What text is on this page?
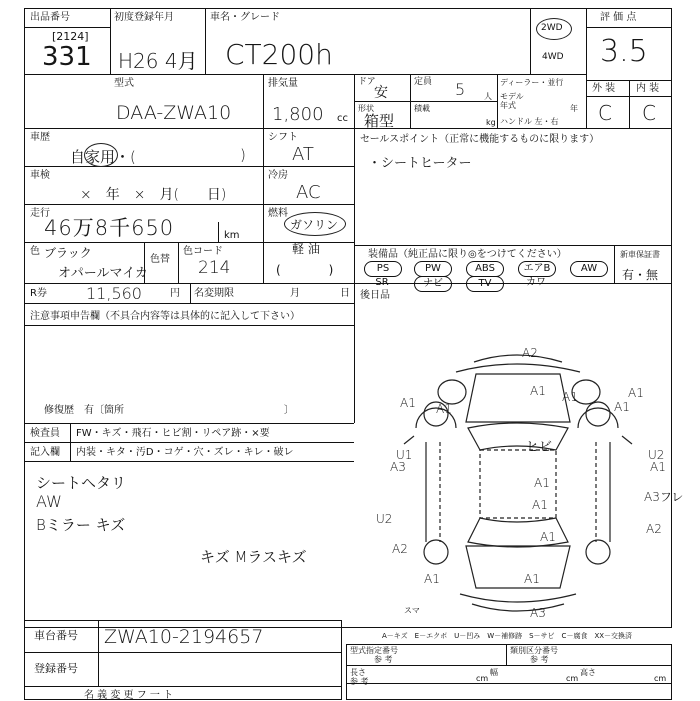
出品番号
[2124]
331
初度登録年月
H26 4月
車名・グレード
CT200h
2WD
4WD
評 価 点
3.5
外 装 内 装
C C
型式
DAA-ZWA10
排気量
1,800 cc
ドア
安
定員 5 人
ディーラー・並行
モデル年式	年
形状
箱型
積載
kg ハンドル 左・右
車歴
自家用・(	)
シフト
AT
車検
×　年　×　月(　　日)
冷房
AC
走行
46万8千650	km
燃料
ガソリン
軽 油
(　　　　)
色 ブラック
オパールマイカ
色替
色コード
214
セールスポイント（正常に機能するものに限ります）
・シートヒーター
装備品（純正品に限り◎をつけてください）	新車保証書
有・無
PS	PW	ABS	エアB	AW
SR	ナビ	TV	カワ
R券 11,560	円 名変期限	月	日 後日品
注意事項申告欄（不具合内容等は具体的に記入して下さい）
修復歴　有〔箇所　　　　　　　　　　　　　　　　〕
検査員 FW・キズ・飛石・ヒビ割・リペア跡・×要
記入欄 内装・キタ・汚D・コゲ・穴・ズレ・キレ・破レ
シートヘタリ
AW
Bミラー キズ
キズ Mラスキズ
A2
A1
A1
A1
U1
A3
U2
A1
A1
A1
U2
A2
A3フレ
A2
A1	A1
A3
A1
A1
A1
A1
ヒビ
スマ
A－キズ　E－エクボ　U－凹み　W－補修跡　S－サビ　C－腐食　XX－交換済
車台番号 ZWA10-2194657
登録番号
名 義 変 更 フ 一 ト
型式指定番号
参 考
類別区分番号
参 考
長さ
参 考	cm
幅
cm
高さ
cm
